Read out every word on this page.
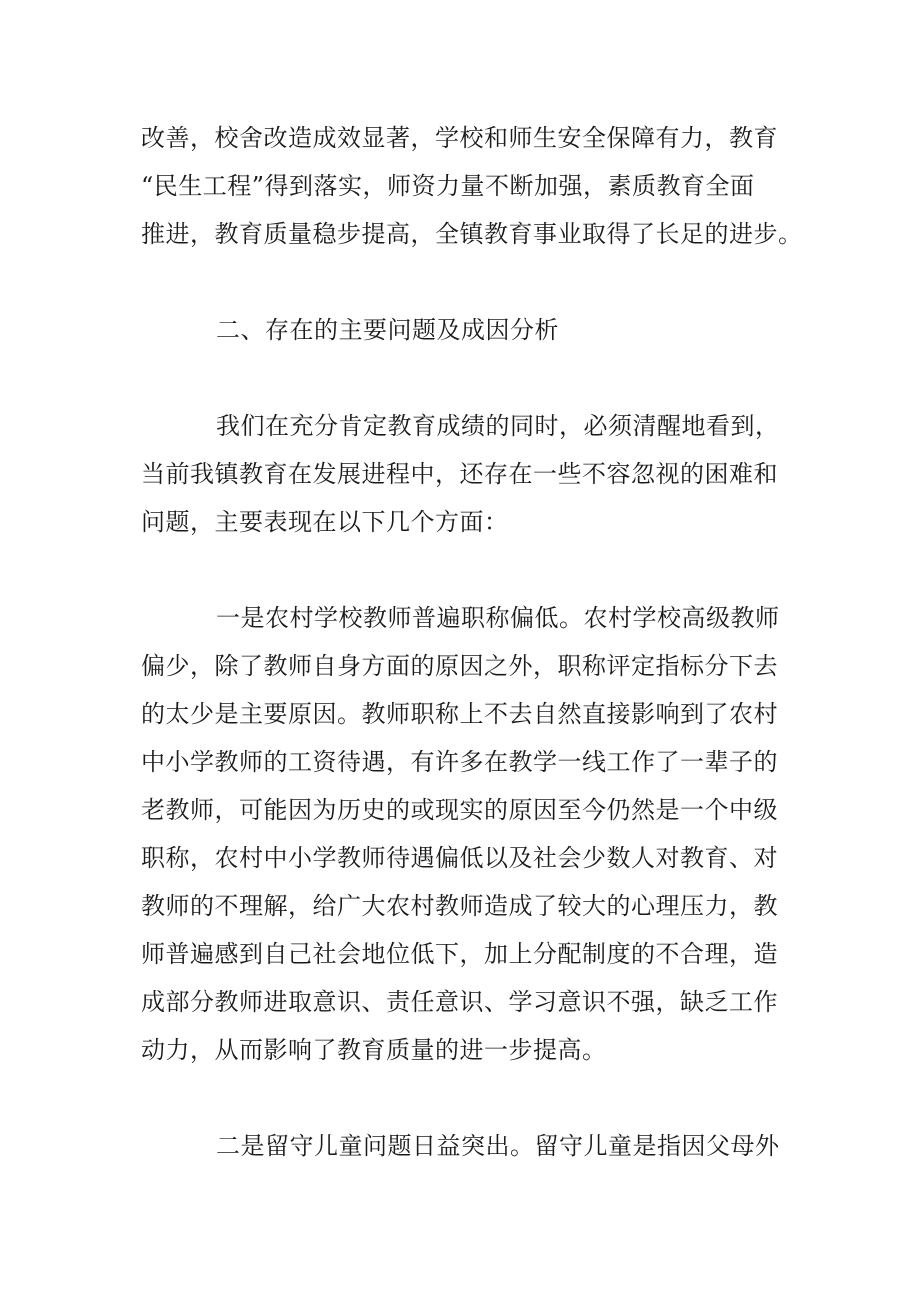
改善，校舍改造成效显著，学校和师生安全保障有力，教育
“民生工程”得到落实，师资力量不断加强，素质教育全面
推进，教育质量稳步提高，全镇教育事业取得了长足的进步。
二、存在的主要问题及成因分析
我们在充分肯定教育成绩的同时，必须清醒地看到，
当前我镇教育在发展进程中，还存在一些不容忽视的困难和
问题，主要表现在以下几个方面：
一是农村学校教师普遍职称偏低。农村学校高级教师
偏少，除了教师自身方面的原因之外，职称评定指标分下去
的太少是主要原因。教师职称上不去自然直接影响到了农村
中小学教师的工资待遇，有许多在教学一线工作了一辈子的
老教师，可能因为历史的或现实的原因至今仍然是一个中级
职称，农村中小学教师待遇偏低以及社会少数人对教育、对
教师的不理解，给广大农村教师造成了较大的心理压力，教
师普遍感到自己社会地位低下，加上分配制度的不合理，造
成部分教师进取意识、责任意识、学习意识不强，缺乏工作
动力，从而影响了教育质量的进一步提高。
二是留守儿童问题日益突出。留守儿童是指因父母外
